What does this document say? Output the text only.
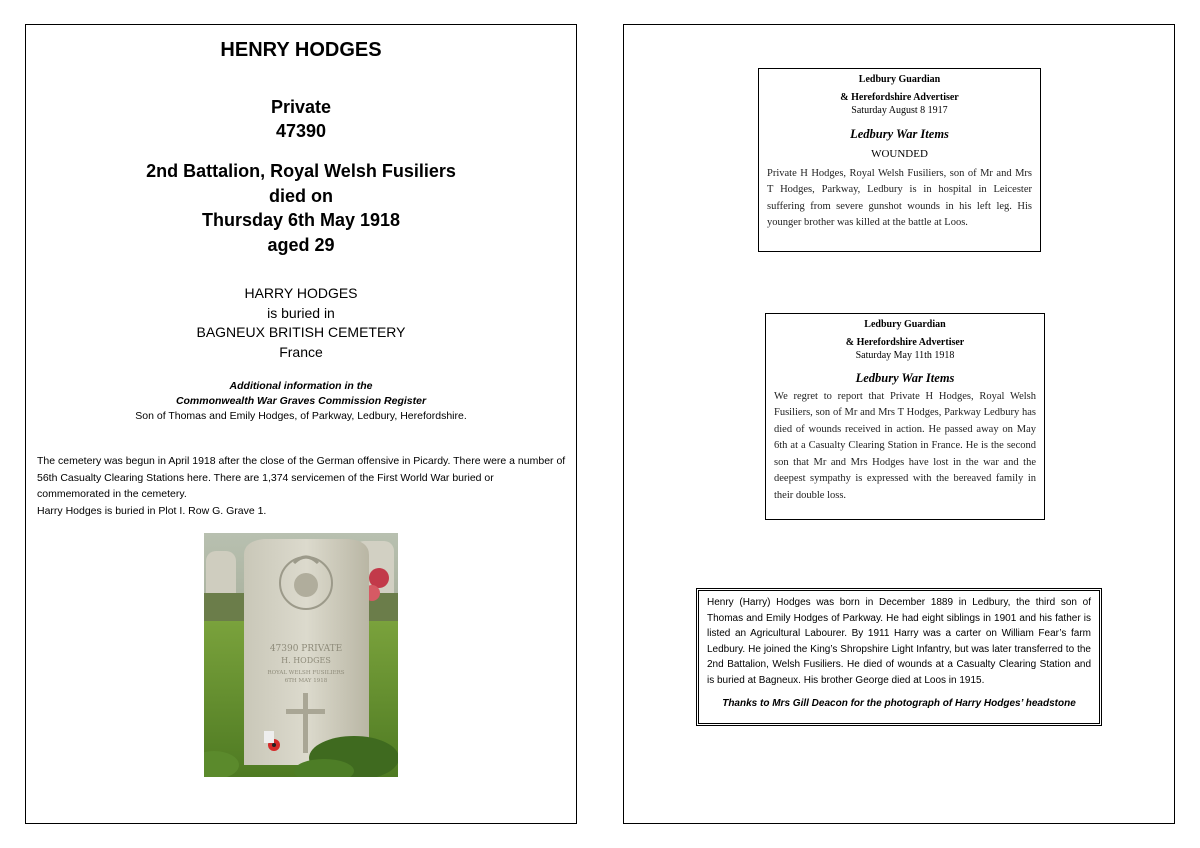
HENRY HODGES
Private
47390
2nd Battalion, Royal Welsh Fusiliers
died on
Thursday 6th May 1918
aged 29
HARRY HODGES
is buried in
BAGNEUX BRITISH CEMETERY
France
Additional information in the
Commonwealth War Graves Commission Register
Son of Thomas and Emily Hodges, of Parkway, Ledbury, Herefordshire.
The cemetery was begun in April 1918 after the close of the German offensive in Picardy. There were a number of 56th Casualty Clearing Stations here. There are 1,374 servicemen of the First World War buried or commemorated in the cemetery.
Harry Hodges is buried in Plot I. Row G. Grave 1.
47390 PRIVATE
H. HODGES
ROYAL WELSH FUSILIERS
6TH MAY 1918
Ledbury Guardian
& Herefordshire Advertiser
Saturday August 8 1917
Ledbury War Items
WOUNDED
Private H Hodges, Royal Welsh Fusiliers, son of Mr and Mrs T Hodges, Parkway, Ledbury is in hospital in Leicester suffering from severe gunshot wounds in his left leg. His younger brother was killed at the battle at Loos.
Ledbury Guardian
& Herefordshire Advertiser
Saturday May 11th 1918
Ledbury War Items
We regret to report that Private H Hodges, Royal Welsh Fusiliers, son of Mr and Mrs T Hodges, Parkway Ledbury has died of wounds received in action. He passed away on May 6th at a Casualty Clearing Station in France. He is the second son that Mr and Mrs Hodges have lost in the war and the deepest sympathy is expressed with the bereaved family in their double loss.
Henry (Harry) Hodges was born in December 1889 in Ledbury, the third son of Thomas and Emily Hodges of Parkway. He had eight siblings in 1901 and his father is listed an Agricultural Labourer. By 1911 Harry was a carter on William Fear’s farm Ledbury. He joined the King’s Shropshire Light Infantry, but was later transferred to the 2nd Battalion, Welsh Fusiliers. He died of wounds at a Casualty Clearing Station and is buried at Bagneux. His brother George died at Loos in 1915.
Thanks to Mrs Gill Deacon for the photograph of Harry Hodges’ headstone
